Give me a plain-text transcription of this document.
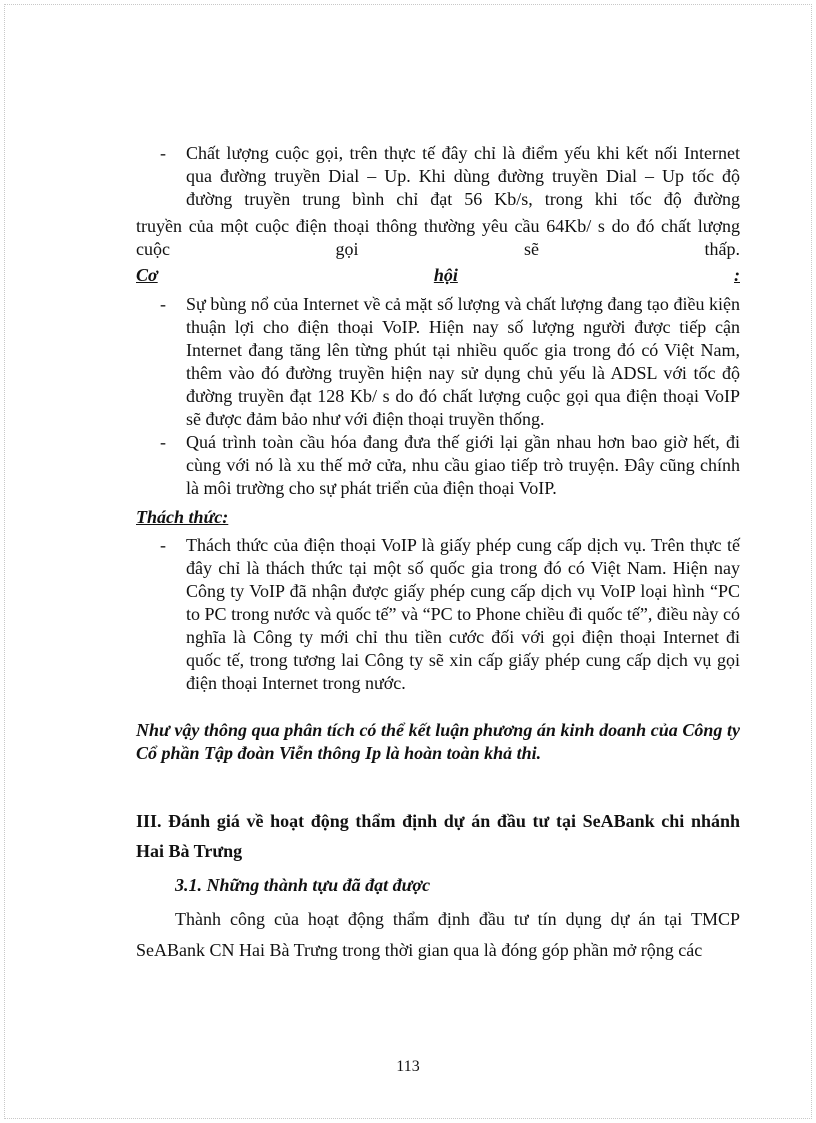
-	Chất lượng cuộc gọi, trên thực tế đây chỉ là điểm yếu khi kết nối Internet qua đường truyền Dial – Up. Khi dùng đường truyền Dial – Up tốc độ đường truyền trung bình chỉ đạt 56 Kb/s, trong khi tốc độ đường
truyền của một cuộc điện thoại thông thường yêu cầu 64Kb/ s do đó chất lượng cuộc gọi sẽ thấp.
Cơ	hội	:
-	Sự bùng nổ của Internet về cả mặt số lượng và chất lượng đang tạo điều kiện thuận lợi cho điện thoại VoIP. Hiện nay số lượng người được tiếp cận Internet đang tăng lên từng phút tại nhiều quốc gia trong đó có Việt Nam, thêm vào đó đường truyền hiện nay sử dụng chủ yếu là ADSL với tốc độ đường truyền đạt 128 Kb/ s do đó chất lượng cuộc gọi qua điện thoại VoIP sẽ được đảm bảo như với điện thoại truyền thống.
-	Quá trình toàn cầu hóa đang đưa thế giới lại gần nhau hơn bao giờ hết, đi cùng với nó là xu thế mở cửa, nhu cầu giao tiếp trò truyện. Đây cũng chính là môi trường cho sự phát triển của điện thoại VoIP.
Thách thức:
-	Thách thức của điện thoại VoIP là giấy phép cung cấp dịch vụ. Trên thực tế đây chỉ là thách thức tại một số quốc gia trong đó có Việt Nam. Hiện nay Công ty VoIP đã nhận được giấy phép cung cấp dịch vụ VoIP loại hình “PC to PC trong nước và quốc tế” và “PC to Phone chiều đi quốc tế”, điều này có nghĩa là Công ty mới chỉ thu tiền cước đối với gọi điện thoại Internet đi quốc tế, trong tương lai Công ty sẽ xin cấp giấy phép cung cấp dịch vụ gọi điện thoại Internet trong nước.
Như vậy thông qua phân tích có thể kết luận phương án kinh doanh của Công ty Cổ phần Tập đoàn Viễn thông Ip là hoàn toàn khả thi.
III. Đánh giá về hoạt động thẩm định dự án đầu tư tại SeABank chi nhánh Hai Bà Trưng
3.1. Những thành tựu đã đạt được
Thành công của hoạt động thẩm định đầu tư tín dụng dự án tại TMCP SeABank CN Hai Bà Trưng trong thời gian qua là đóng góp phần mở rộng các
113
